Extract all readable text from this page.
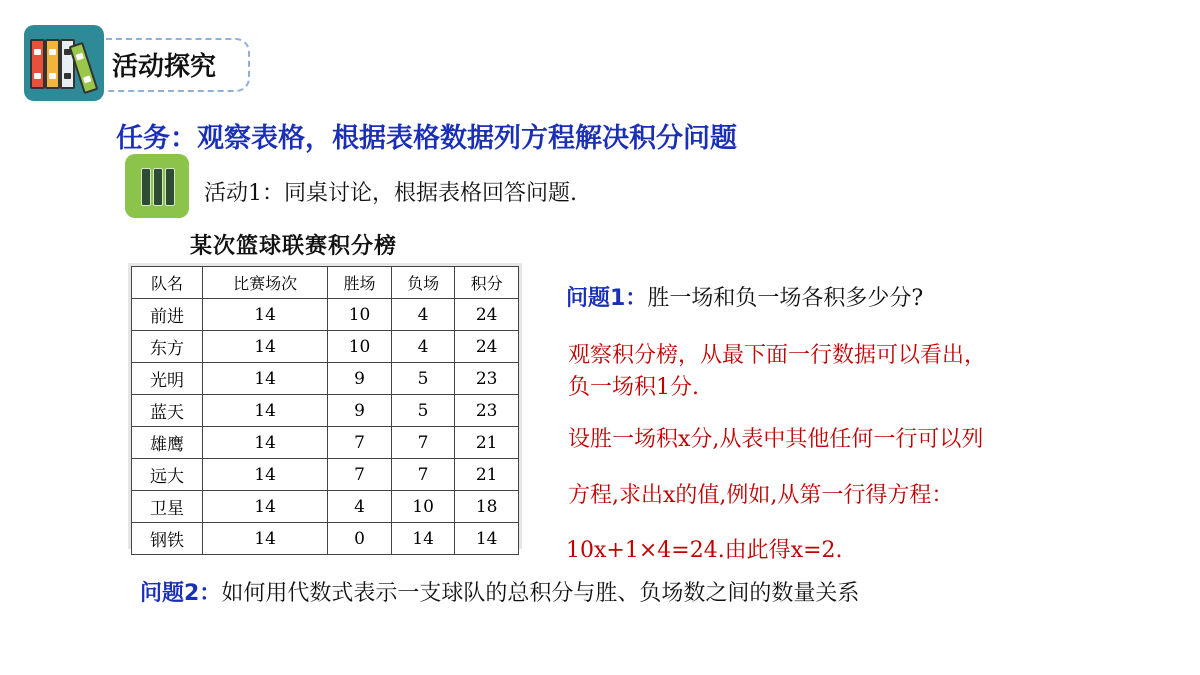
活动探究
任务：观察表格，根据表格数据列方程解决积分问题
活动1：同桌讨论，根据表格回答问题.
某次篮球联赛积分榜
队名	比赛场次	胜场	负场	积分
前进	14	10	4	24
东方	14	10	4	24
光明	14	9	5	23
蓝天	14	9	5	23
雄鹰	14	7	7	21
远大	14	7	7	21
卫星	14	4	10	18
钢铁	14	0	14	14
问题1：胜一场和负一场各积多少分?
观察积分榜，从最下面一行数据可以看出，
负一场积1分.
设胜一场积x分,从表中其他任何一行可以列
方程,求出x的值,例如,从第一行得方程：
10x+1×4=24.由此得x=2.
问题2：如何用代数式表示一支球队的总积分与胜、负场数之间的数量关系
